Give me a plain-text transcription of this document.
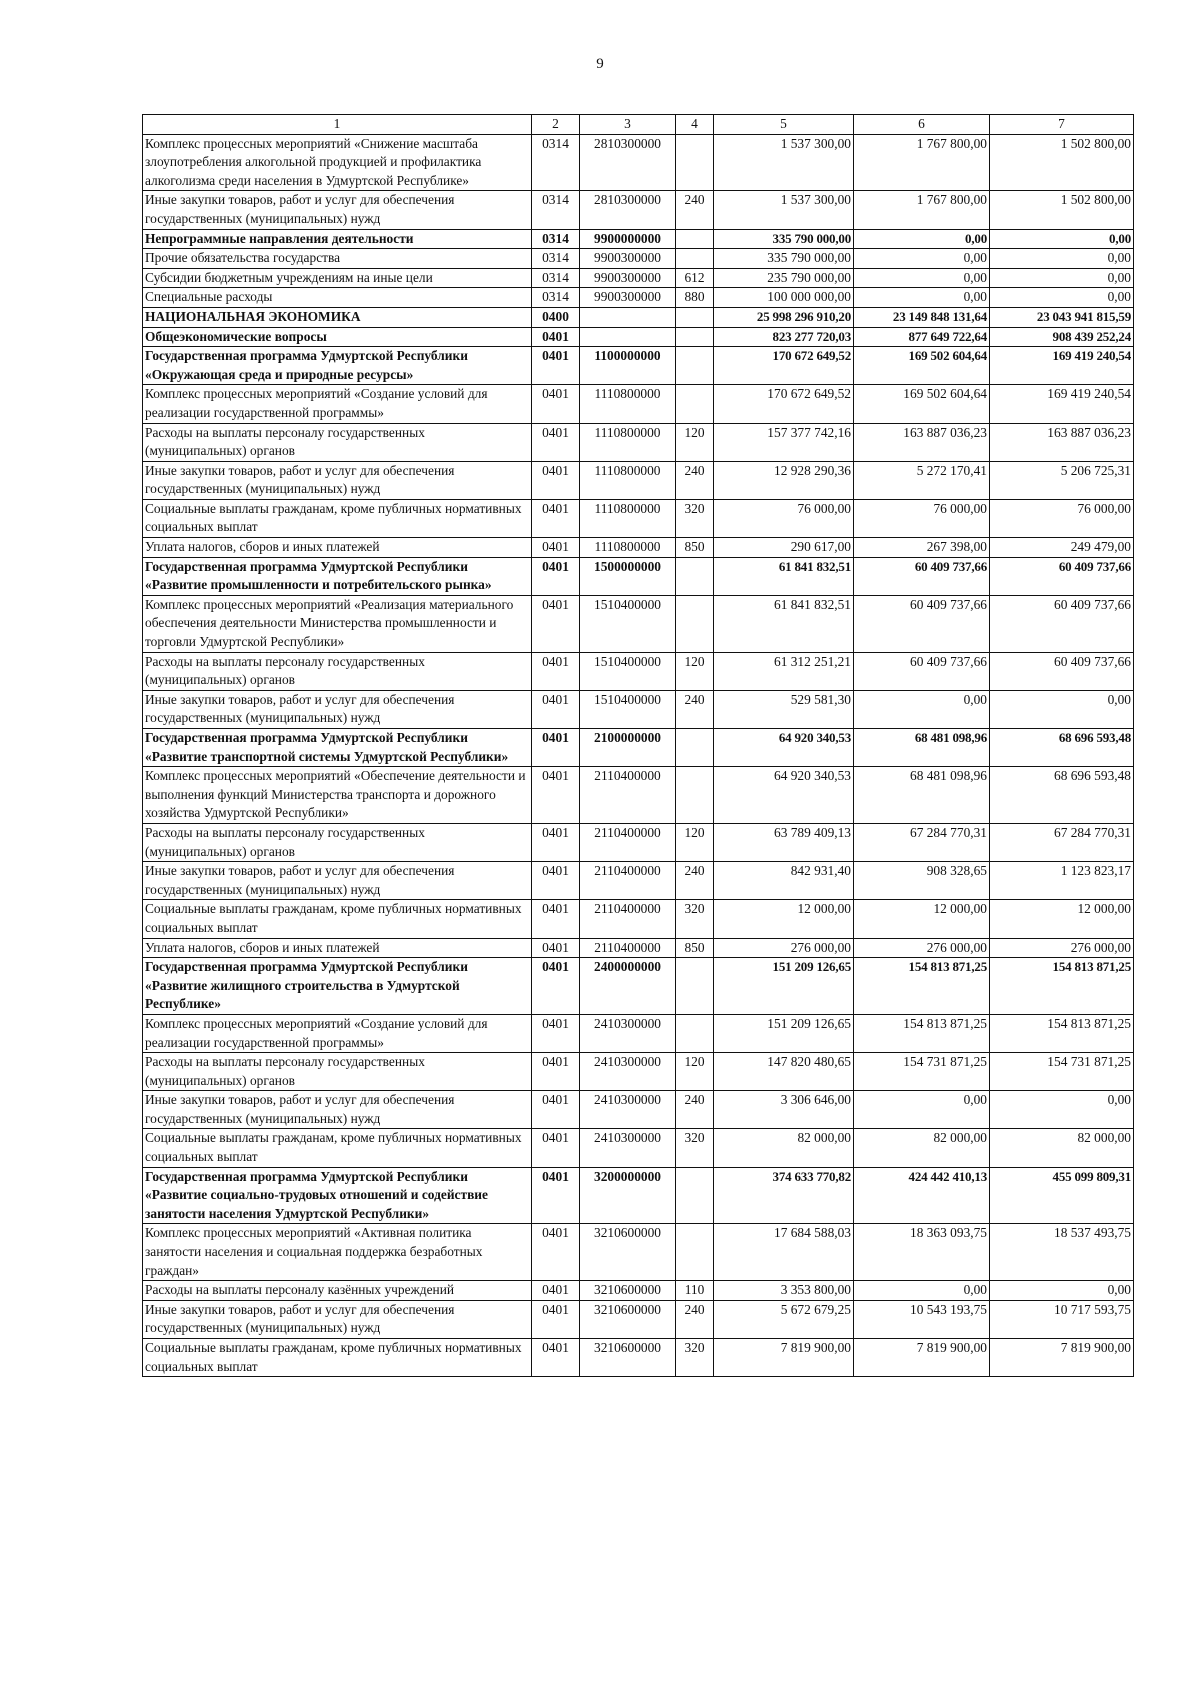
9
1	2	3	4	5	6	7
Комплекс процессных мероприятий «Снижение масштаба злоупотребления алкогольной продукцией и профилактика алкоголизма среди населения в Удмуртской Республике»	0314	2810300000		1 537 300,00	1 767 800,00	1 502 800,00
Иные закупки товаров, работ и услуг для обеспечения государственных (муниципальных) нужд	0314	2810300000	240	1 537 300,00	1 767 800,00	1 502 800,00
Непрограммные направления деятельности	0314	9900000000		335 790 000,00	0,00	0,00
Прочие обязательства государства	0314	9900300000		335 790 000,00	0,00	0,00
Субсидии бюджетным учреждениям на иные цели	0314	9900300000	612	235 790 000,00	0,00	0,00
Специальные расходы	0314	9900300000	880	100 000 000,00	0,00	0,00
НАЦИОНАЛЬНАЯ ЭКОНОМИКА	0400			25 998 296 910,20	23 149 848 131,64	23 043 941 815,59
Общеэкономические вопросы	0401			823 277 720,03	877 649 722,64	908 439 252,24
Государственная программа Удмуртской Республики «Окружающая среда и природные ресурсы»	0401	1100000000		170 672 649,52	169 502 604,64	169 419 240,54
Комплекс процессных мероприятий «Создание условий для реализации государственной программы»	0401	1110800000		170 672 649,52	169 502 604,64	169 419 240,54
Расходы на выплаты персоналу государственных (муниципальных) органов	0401	1110800000	120	157 377 742,16	163 887 036,23	163 887 036,23
Иные закупки товаров, работ и услуг для обеспечения государственных (муниципальных) нужд	0401	1110800000	240	12 928 290,36	5 272 170,41	5 206 725,31
Социальные выплаты гражданам, кроме публичных нормативных социальных выплат	0401	1110800000	320	76 000,00	76 000,00	76 000,00
Уплата налогов, сборов и иных платежей	0401	1110800000	850	290 617,00	267 398,00	249 479,00
Государственная программа Удмуртской Республики «Развитие промышленности и потребительского рынка»	0401	1500000000		61 841 832,51	60 409 737,66	60 409 737,66
Комплекс процессных мероприятий «Реализация материального обеспечения деятельности Министерства промышленности и торговли Удмуртской Республики»	0401	1510400000		61 841 832,51	60 409 737,66	60 409 737,66
Расходы на выплаты персоналу государственных (муниципальных) органов	0401	1510400000	120	61 312 251,21	60 409 737,66	60 409 737,66
Иные закупки товаров, работ и услуг для обеспечения государственных (муниципальных) нужд	0401	1510400000	240	529 581,30	0,00	0,00
Государственная программа Удмуртской Республики «Развитие транспортной системы Удмуртской Республики»	0401	2100000000		64 920 340,53	68 481 098,96	68 696 593,48
Комплекс процессных мероприятий «Обеспечение деятельности и выполнения функций Министерства транспорта и дорожного хозяйства Удмуртской Республики»	0401	2110400000		64 920 340,53	68 481 098,96	68 696 593,48
Расходы на выплаты персоналу государственных (муниципальных) органов	0401	2110400000	120	63 789 409,13	67 284 770,31	67 284 770,31
Иные закупки товаров, работ и услуг для обеспечения государственных (муниципальных) нужд	0401	2110400000	240	842 931,40	908 328,65	1 123 823,17
Социальные выплаты гражданам, кроме публичных нормативных социальных выплат	0401	2110400000	320	12 000,00	12 000,00	12 000,00
Уплата налогов, сборов и иных платежей	0401	2110400000	850	276 000,00	276 000,00	276 000,00
Государственная программа Удмуртской Республики «Развитие жилищного строительства в Удмуртской Республике»	0401	2400000000		151 209 126,65	154 813 871,25	154 813 871,25
Комплекс процессных мероприятий «Создание условий для реализации государственной программы»	0401	2410300000		151 209 126,65	154 813 871,25	154 813 871,25
Расходы на выплаты персоналу государственных (муниципальных) органов	0401	2410300000	120	147 820 480,65	154 731 871,25	154 731 871,25
Иные закупки товаров, работ и услуг для обеспечения государственных (муниципальных) нужд	0401	2410300000	240	3 306 646,00	0,00	0,00
Социальные выплаты гражданам, кроме публичных нормативных социальных выплат	0401	2410300000	320	82 000,00	82 000,00	82 000,00
Государственная программа Удмуртской Республики «Развитие социально-трудовых отношений и содействие занятости населения Удмуртской Республики»	0401	3200000000		374 633 770,82	424 442 410,13	455 099 809,31
Комплекс процессных мероприятий «Активная политика занятости населения и социальная поддержка безработных граждан»	0401	3210600000		17 684 588,03	18 363 093,75	18 537 493,75
Расходы на выплаты персоналу казённых учреждений	0401	3210600000	110	3 353 800,00	0,00	0,00
Иные закупки товаров, работ и услуг для обеспечения государственных (муниципальных) нужд	0401	3210600000	240	5 672 679,25	10 543 193,75	10 717 593,75
Социальные выплаты гражданам, кроме публичных нормативных социальных выплат	0401	3210600000	320	7 819 900,00	7 819 900,00	7 819 900,00
